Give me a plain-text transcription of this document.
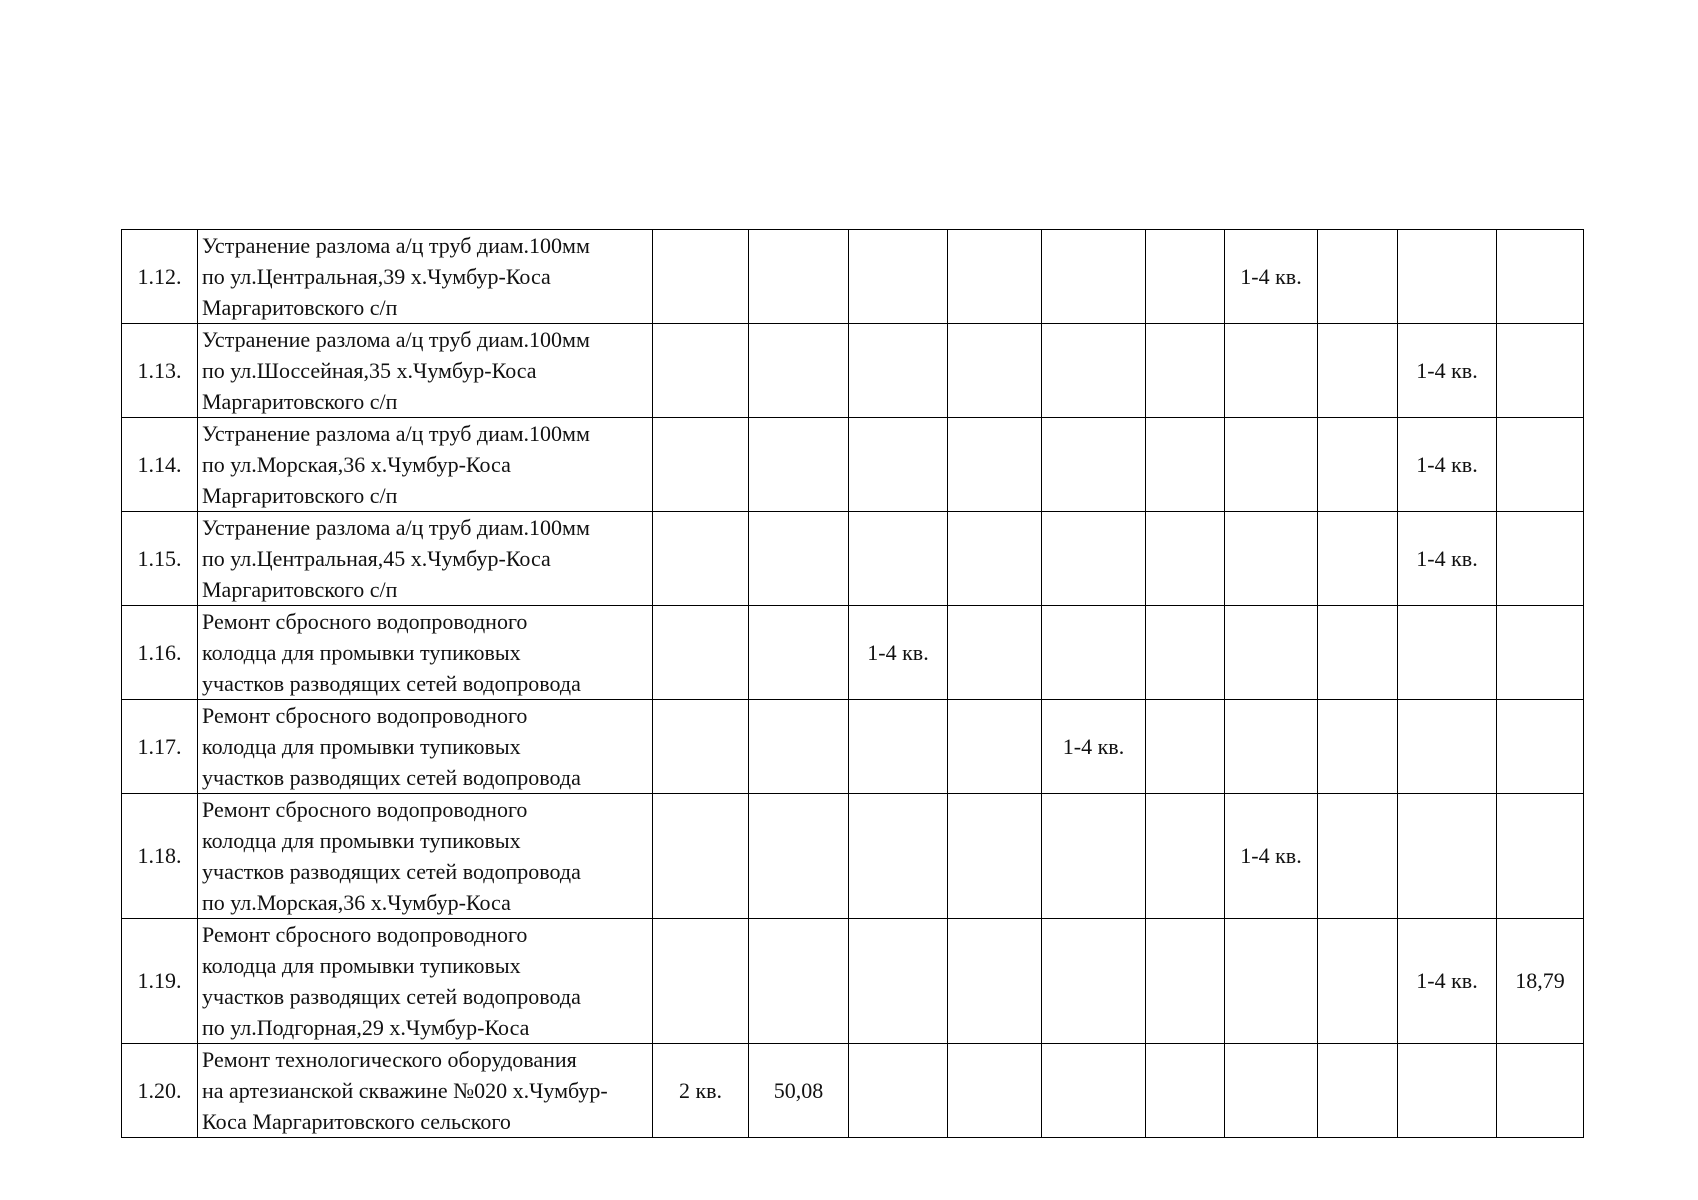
1.12.	Устранение разлома а/ц труб диам.100мм
по ул.Центральная,39 х.Чумбур-Коса
Маргаритовского с/п							1-4 кв.			
1.13.	Устранение разлома а/ц труб диам.100мм
по ул.Шоссейная,35 х.Чумбур-Коса
Маргаритовского с/п									1-4 кв.	
1.14.	Устранение разлома а/ц труб диам.100мм
по ул.Морская,36 х.Чумбур-Коса
Маргаритовского с/п									1-4 кв.	
1.15.	Устранение разлома а/ц труб диам.100мм
по ул.Центральная,45 х.Чумбур-Коса
Маргаритовского с/п									1-4 кв.	
1.16.	Ремонт сбросного водопроводного
колодца для промывки тупиковых
участков разводящих сетей водопровода			1-4 кв.							
1.17.	Ремонт сбросного водопроводного
колодца для промывки тупиковых
участков разводящих сетей водопровода					1-4 кв.					
1.18.	Ремонт сбросного водопроводного
колодца для промывки тупиковых
участков разводящих сетей водопровода
по ул.Морская,36 х.Чумбур-Коса							1-4 кв.			
1.19.	Ремонт сбросного водопроводного
колодца для промывки тупиковых
участков разводящих сетей водопровода
по ул.Подгорная,29 х.Чумбур-Коса									1-4 кв.	18,79
1.20.	Ремонт технологического оборудования
на артезианской скважине №020 х.Чумбур-
Коса Маргаритовского сельского	2 кв.	50,08								
